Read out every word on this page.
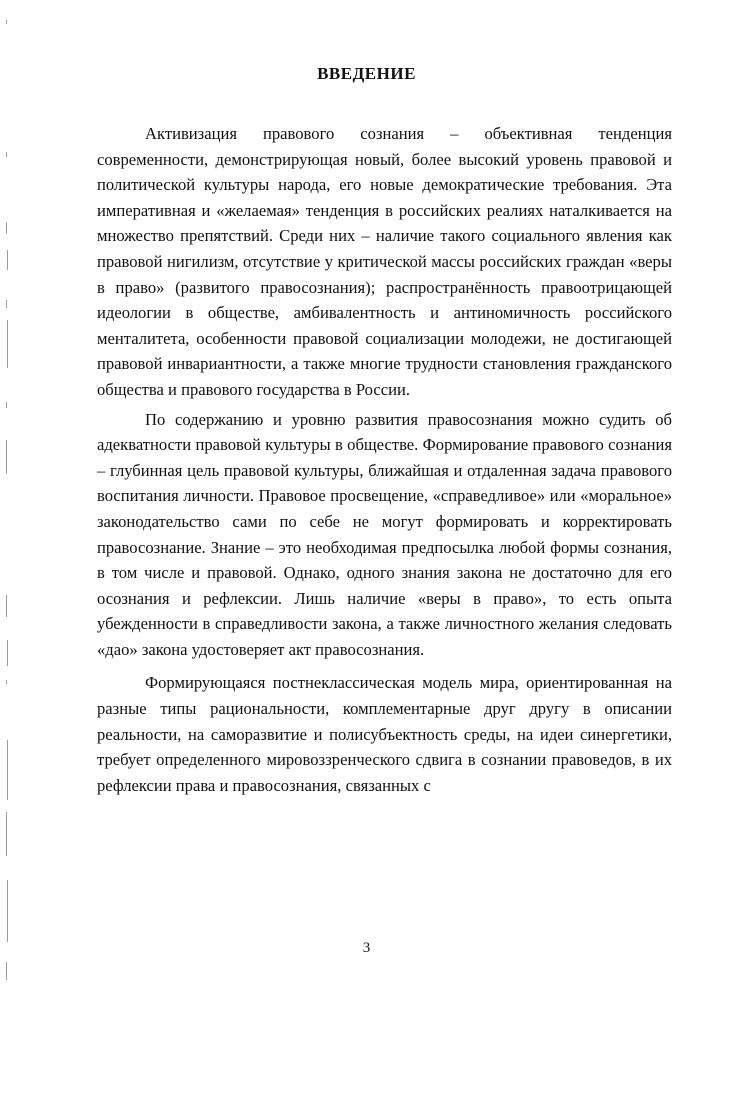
ВВЕДЕНИЕ

Активизация правового сознания – объективная тенденция современности, демонстрирующая новый, более высокий уровень правовой и политической культуры народа, его новые демократические требования. Эта императивная и «желаемая» тенденция в российских реалиях наталкивается на множество препятствий. Среди них – наличие такого социального явления как правовой нигилизм, отсутствие у критической массы российских граждан «веры в право» (развитого правосознания); распространённость правоотрицающей идеологии в обществе, амбивалентность и антиномичность российского менталитета, особенности правовой социализации молодежи, не достигающей правовой инвариантности, а также многие трудности становления гражданского общества и правового государства в России.

По содержанию и уровню развития правосознания можно судить об адекватности правовой культуры в обществе. Формирование правового сознания – глубинная цель правовой культуры, ближайшая и отдаленная задача правового воспитания личности. Правовое просвещение, «справедливое» или «моральное» законодательство сами по себе не могут формировать и корректировать правосознание. Знание – это необходимая предпосылка любой формы сознания, в том числе и правовой. Однако, одного знания закона не достаточно для его осознания и рефлексии. Лишь наличие «веры в право», то есть опыта убежденности в справедливости закона, а также личностного желания следовать «дао» закона удостоверяет акт правосознания.

Формирующаяся постнеклассическая модель мира, ориентированная на разные типы рациональности, комплементарные друг другу в описании реальности, на саморазвитие и полисубъектность среды, на идеи синергетики, требует определенного мировоззренческого сдвига в сознании правоведов, в их рефлексии права и правосознания, связанных с

3
